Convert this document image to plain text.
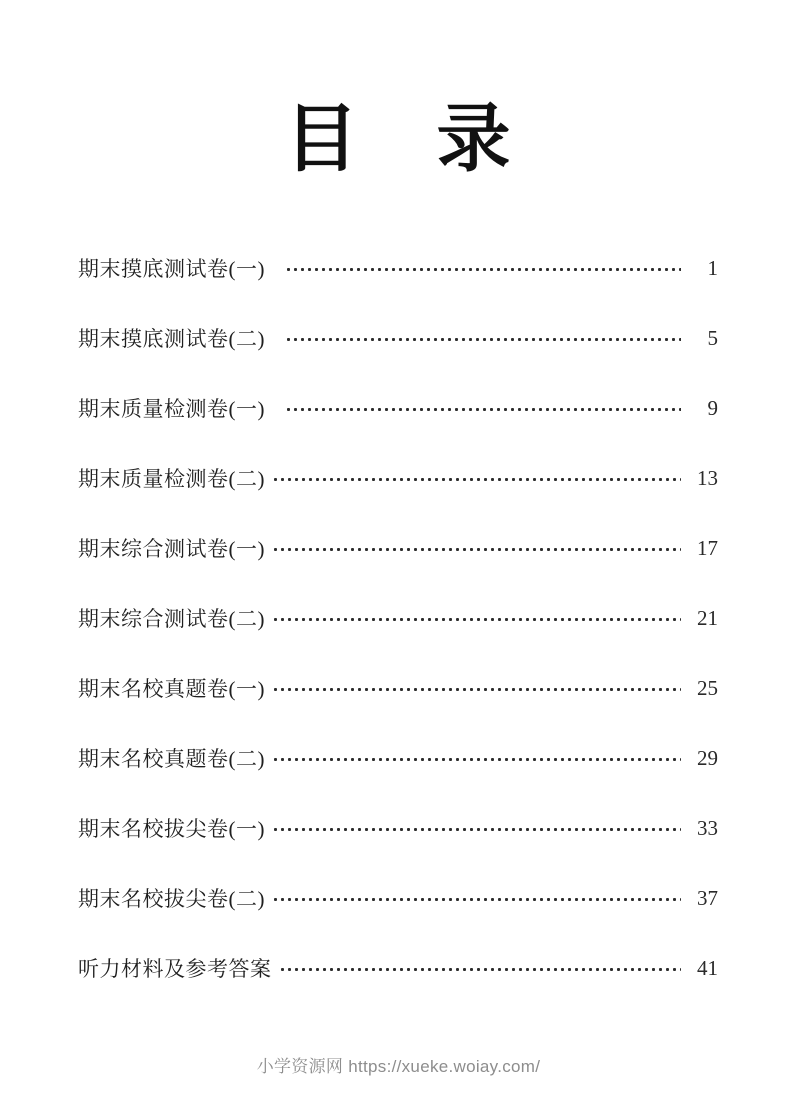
目　录
期末摸底测试卷(一)	1
期末摸底测试卷(二)	5
期末质量检测卷(一)	9
期末质量检测卷(二)	13
期末综合测试卷(一)	17
期末综合测试卷(二)	21
期末名校真题卷(一)	25
期末名校真题卷(二)	29
期末名校拔尖卷(一)	33
期末名校拔尖卷(二)	37
听力材料及参考答案	41
小学资源网 https://xueke.woiay.com/
